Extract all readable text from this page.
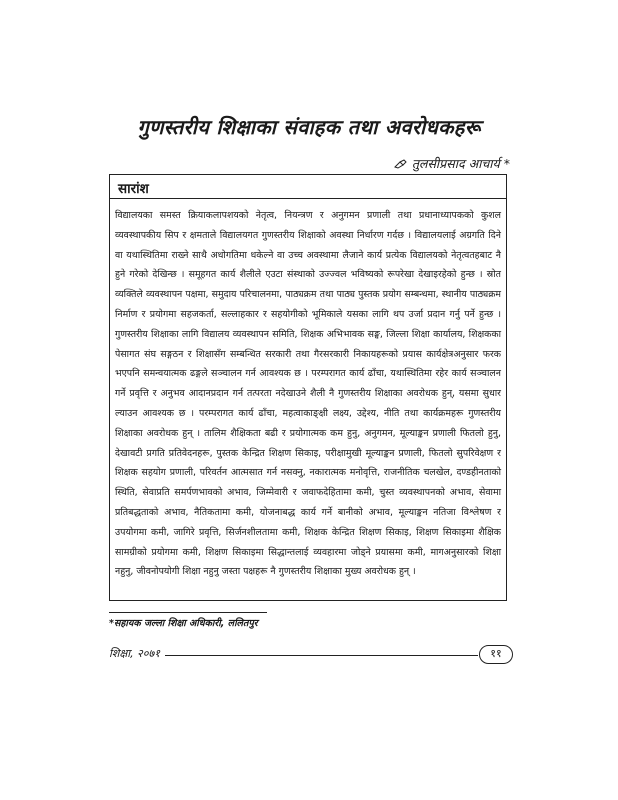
गुणस्तरीय शिक्षाका संवाहक तथा अवरोधकहरू
तुलसीप्रसाद आचार्य *
सारांश

विद्यालयका समस्त क्रियाकलापशयको नेतृत्व, नियन्त्रण र अनुगमन प्रणाली तथा प्रधानाध्यापकको कुशल व्यवस्थापकीय सिप र क्षमताले विद्यालयगत गुणस्तरीय शिक्षाको अवस्था निर्धारण गर्दछ । विद्यालयलाई अग्रगति दिने वा यथास्थितिमा राख्ने साथै अधोगतिमा धकेल्ने वा उच्च अवस्थामा लैजाने कार्य प्रत्येक विद्यालयको नेतृत्वतहबाट नै हुने गरेको देखिन्छ । समूहगत कार्य शैलीले एउटा संस्थाको उज्ज्वल भविष्यको रूपरेखा देखाइरहेको हुन्छ । स्रोत व्यक्तिले व्यवस्थापन पक्षमा, समुदाय परिचालनमा, पाठ्यक्रम तथा पाठ्य पुस्तक प्रयोग सम्बन्धमा, स्थानीय पाठ्यक्रम निर्माण र प्रयोगमा सहजकर्ता, सल्लाहकार र सहयोगीको भूमिकाले यसका लागि थप उर्जा प्रदान गर्नु पर्ने हुन्छ । गुणस्तरीय शिक्षाका लागि विद्यालय व्यवस्थापन समिति, शिक्षक अभिभावक सङ्घ, जिल्ला शिक्षा कार्यालय, शिक्षकका पेसागत संघ सङ्गठन र शिक्षासँग सम्बन्धित सरकारी तथा गैरसरकारी निकायहरूको प्रयास कार्यक्षेत्रअनुसार फरक भएपनि समन्वयात्मक ढङ्गले सञ्चालन गर्न आवश्यक छ । परम्परागत कार्य ढाँचा, यथास्थितिमा रहेर कार्य सञ्चालन गर्ने प्रवृत्ति र अनुभव आदानप्रदान गर्न तत्परता नदेखाउने शैली नै गुणस्तरीय शिक्षाका अवरोधक हुन्, यसमा सुधार ल्याउन आवश्यक छ । परम्परागत कार्य ढाँचा, महत्वाकाङ्क्षी लक्ष्य, उद्देश्य, नीति तथा कार्यक्रमहरू गुणस्तरीय शिक्षाका अवरोधक हुन् । तालिम शैक्षिकता बढी र प्रयोगात्मक कम हुनु, अनुगमन, मूल्याङ्कन प्रणाली फितलो हुनु, देखावटी प्रगति प्रतिवेदनहरू, पुस्तक केन्द्रित शिक्षण सिकाइ, परीक्षामुखी मूल्याङ्कन प्रणाली, फितलो सुपरिवेक्षण र शिक्षक सहयोग प्रणाली, परिवर्तन आत्मसात गर्न नसक्नु, नकारात्मक मनोवृत्ति, राजनीतिक चलखेल, दण्डहीनताको स्थिति, सेवाप्रति समर्पणभावको अभाव, जिम्मेवारी र जवाफदेहितामा कमी, चुस्त व्यवस्थापनको अभाव, सेवामा प्रतिबद्धताको अभाव, नैतिकतामा कमी, योजनाबद्ध कार्य गर्ने बानीको अभाव, मूल्याङ्कन नतिजा विश्लेषण र उपयोगमा कमी, जागिरे प्रवृत्ति, सिर्जनशीलतामा कमी, शिक्षक केन्द्रित शिक्षण सिकाइ, शिक्षण सिकाइमा शैक्षिक सामग्रीको प्रयोगमा कमी, शिक्षण सिकाइमा सिद्धान्तलाई व्यवहारमा जोड्ने प्रयासमा कमी, मागअनुसारको शिक्षा नहुनु, जीवनोपयोगी शिक्षा नहुनु जस्ता पक्षहरू नै गुणस्तरीय शिक्षाका मुख्य अवरोधक हुन् ।

*सहायक जल्ला शिक्षा अधिकारी, ललितपुर
शिक्षा, २०७१	११
